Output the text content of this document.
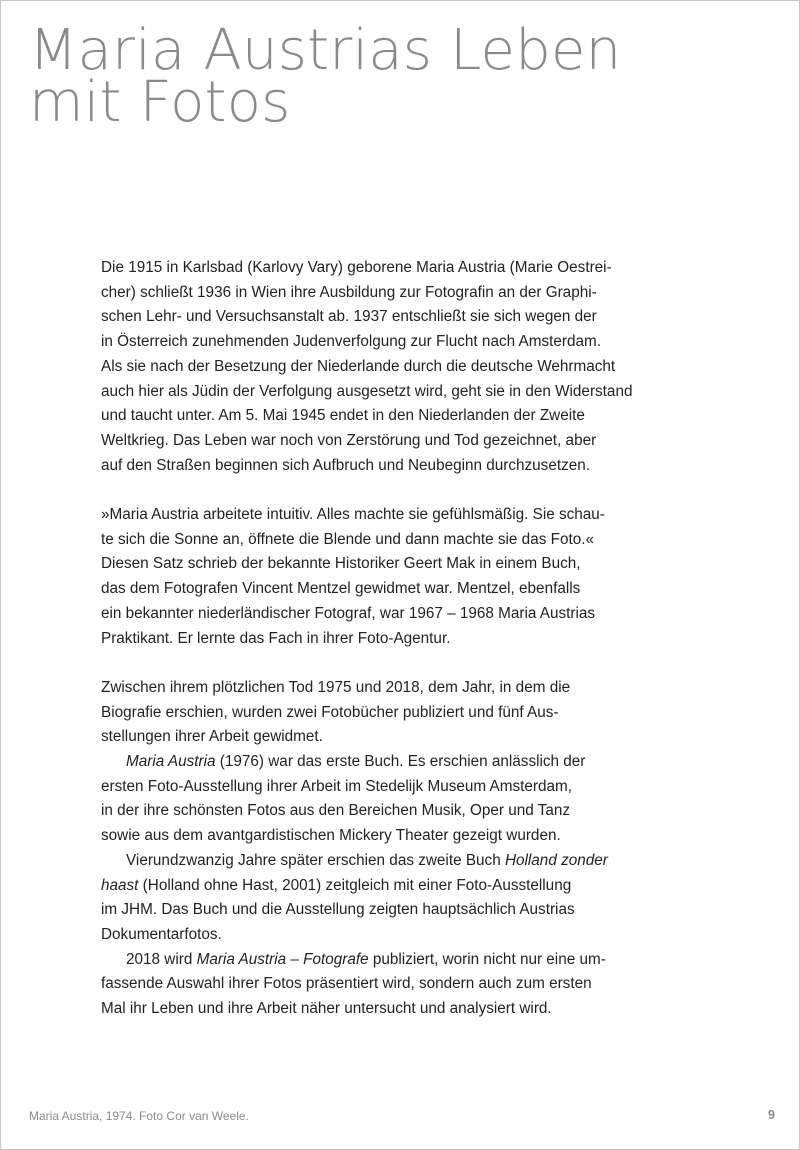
Maria Austrias Leben
mit Fotos

Die 1915 in Karlsbad (Karlovy Vary) geborene Maria Austria (Marie Oestrei-
cher) schließt 1936 in Wien ihre Ausbildung zur Fotografin an der Graphi-
schen Lehr- und Versuchsanstalt ab. 1937 entschließt sie sich wegen der
in Österreich zunehmenden Judenverfolgung zur Flucht nach Amsterdam.
Als sie nach der Besetzung der Niederlande durch die deutsche Wehrmacht
auch hier als Jüdin der Verfolgung ausgesetzt wird, geht sie in den Widerstand
und taucht unter. Am 5. Mai 1945 endet in den Niederlanden der Zweite
Weltkrieg. Das Leben war noch von Zerstörung und Tod gezeichnet, aber
auf den Straßen beginnen sich Aufbruch und Neubeginn durchzusetzen.

»Maria Austria arbeitete intuitiv. Alles machte sie gefühlsmäßig. Sie schau-
te sich die Sonne an, öffnete die Blende und dann machte sie das Foto.«
Diesen Satz schrieb der bekannte Historiker Geert Mak in einem Buch,
das dem Fotografen Vincent Mentzel gewidmet war. Mentzel, ebenfalls
ein bekannter niederländischer Fotograf, war 1967 – 1968 Maria Austrias
Praktikant. Er lernte das Fach in ihrer Foto-Agentur.

Zwischen ihrem plötzlichen Tod 1975 und 2018, dem Jahr, in dem die
Biografie erschien, wurden zwei Fotobücher publiziert und fünf Aus-
stellungen ihrer Arbeit gewidmet.

Maria Austria (1976) war das erste Buch. Es erschien anlässlich der
ersten Foto-Ausstellung ihrer Arbeit im Stedelijk Museum Amsterdam,
in der ihre schönsten Fotos aus den Bereichen Musik, Oper und Tanz
sowie aus dem avantgardistischen Mickery Theater gezeigt wurden.

Vierundzwanzig Jahre später erschien das zweite Buch Holland zonder
haast (Holland ohne Hast, 2001) zeitgleich mit einer Foto-Ausstellung
im JHM. Das Buch und die Ausstellung zeigten hauptsächlich Austrias
Dokumentarfotos.

2018 wird Maria Austria – Fotografe publiziert, worin nicht nur eine um-
fassende Auswahl ihrer Fotos präsentiert wird, sondern auch zum ersten
Mal ihr Leben und ihre Arbeit näher untersucht und analysiert wird.

Maria Austria, 1974. Foto Cor van Weele.	9
